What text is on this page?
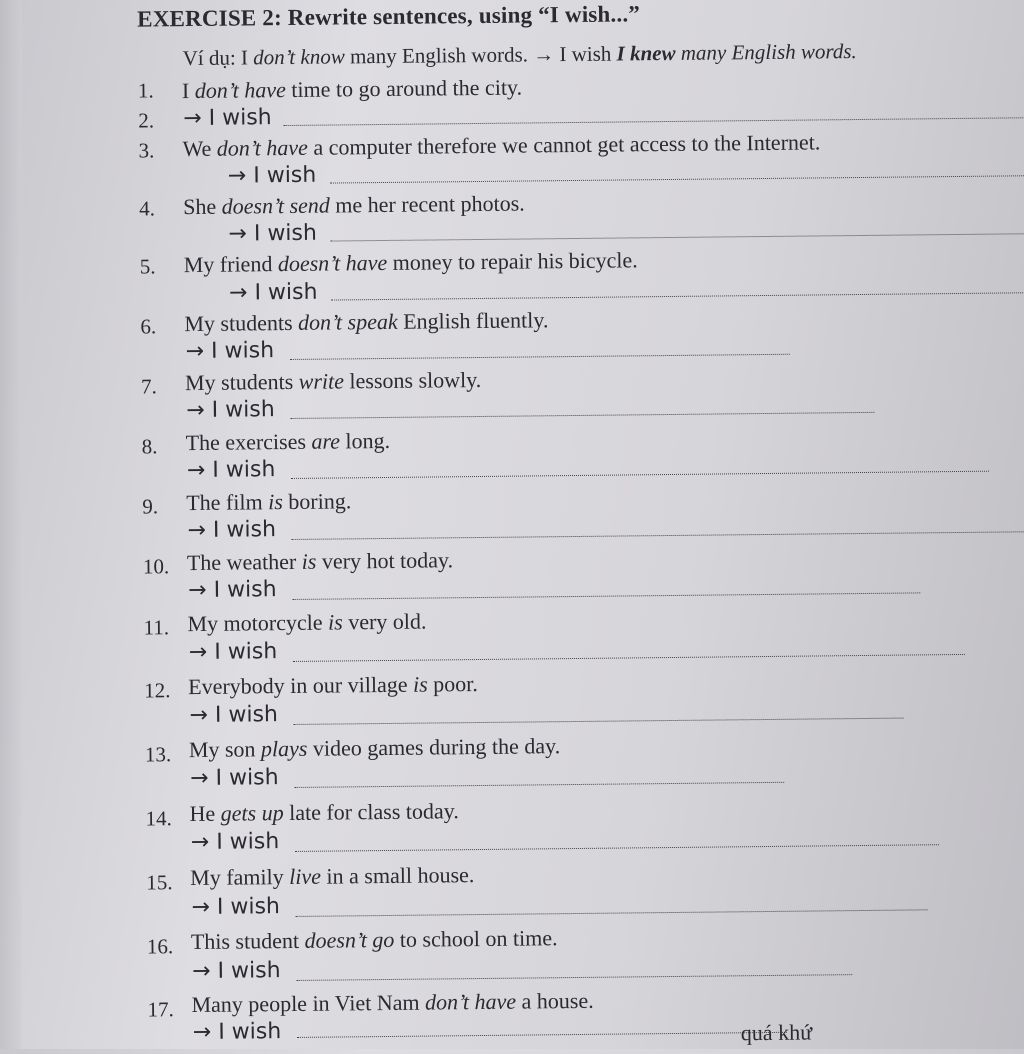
EXERCISE 2: Rewrite sentences, using “I wish...”
Ví dụ: I don’t know many English words. → I wish I knew many English words.
1. I don’t have time to go around the city.
2. → I wish
3. We don’t have a computer therefore we cannot get access to the Internet.
→ I wish
4. She doesn’t send me her recent photos.
→ I wish
5. My friend doesn’t have money to repair his bicycle.
→ I wish
6. My students don’t speak English fluently.
→ I wish
7. My students write lessons slowly.
→ I wish
8. The exercises are long.
→ I wish
9. The film is boring.
→ I wish
10. The weather is very hot today.
→ I wish
11. My motorcycle is very old.
→ I wish
12. Everybody in our village is poor.
→ I wish
13. My son plays video games during the day.
→ I wish
14. He gets up late for class today.
→ I wish
15. My family live in a small house.
→ I wish
16. This student doesn’t go to school on time.
→ I wish
17. Many people in Viet Nam don’t have a house.
→ I wish	quá khứ
